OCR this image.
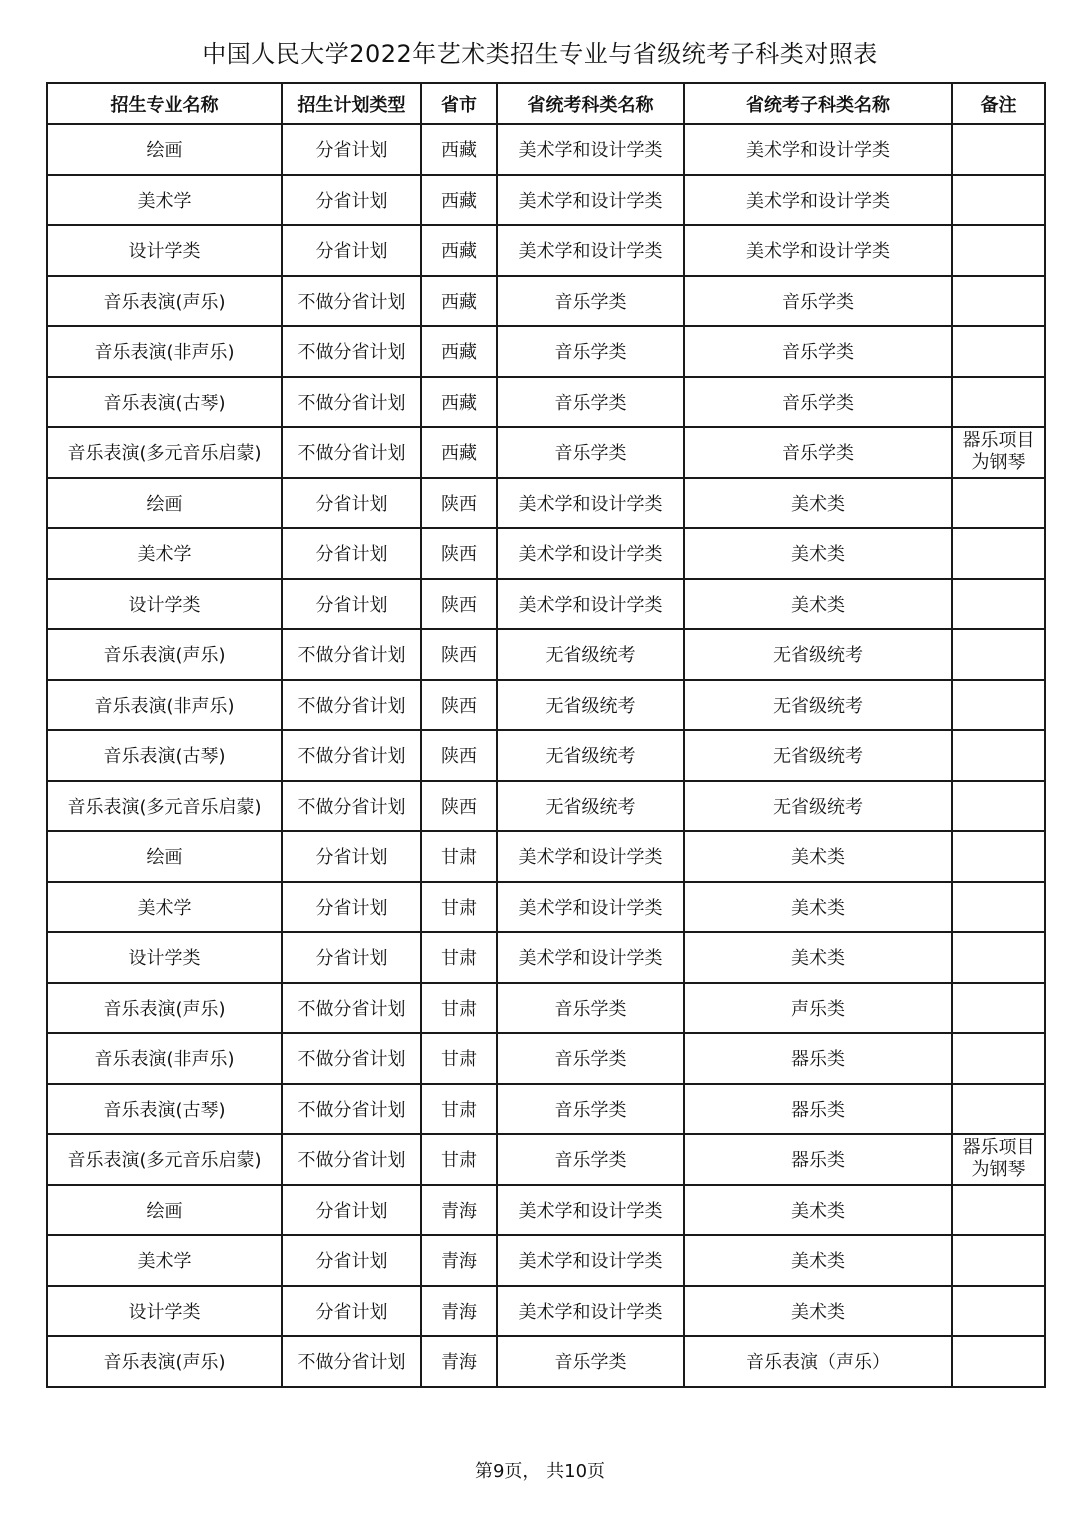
中国人民大学2022年艺术类招生专业与省级统考子科类对照表
招生专业名称	招生计划类型	省市	省统考科类名称	省统考子科类名称	备注
绘画	分省计划	西藏	美术学和设计学类	美术学和设计学类	
美术学	分省计划	西藏	美术学和设计学类	美术学和设计学类	
设计学类	分省计划	西藏	美术学和设计学类	美术学和设计学类	
音乐表演(声乐)	不做分省计划	西藏	音乐学类	音乐学类	
音乐表演(非声乐)	不做分省计划	西藏	音乐学类	音乐学类	
音乐表演(古琴)	不做分省计划	西藏	音乐学类	音乐学类	
音乐表演(多元音乐启蒙)	不做分省计划	西藏	音乐学类	音乐学类	器乐项目为钢琴
绘画	分省计划	陕西	美术学和设计学类	美术类	
美术学	分省计划	陕西	美术学和设计学类	美术类	
设计学类	分省计划	陕西	美术学和设计学类	美术类	
音乐表演(声乐)	不做分省计划	陕西	无省级统考	无省级统考	
音乐表演(非声乐)	不做分省计划	陕西	无省级统考	无省级统考	
音乐表演(古琴)	不做分省计划	陕西	无省级统考	无省级统考	
音乐表演(多元音乐启蒙)	不做分省计划	陕西	无省级统考	无省级统考	
绘画	分省计划	甘肃	美术学和设计学类	美术类	
美术学	分省计划	甘肃	美术学和设计学类	美术类	
设计学类	分省计划	甘肃	美术学和设计学类	美术类	
音乐表演(声乐)	不做分省计划	甘肃	音乐学类	声乐类	
音乐表演(非声乐)	不做分省计划	甘肃	音乐学类	器乐类	
音乐表演(古琴)	不做分省计划	甘肃	音乐学类	器乐类	
音乐表演(多元音乐启蒙)	不做分省计划	甘肃	音乐学类	器乐类	器乐项目为钢琴
绘画	分省计划	青海	美术学和设计学类	美术类	
美术学	分省计划	青海	美术学和设计学类	美术类	
设计学类	分省计划	青海	美术学和设计学类	美术类	
音乐表演(声乐)	不做分省计划	青海	音乐学类	音乐表演（声乐）	
第9页， 共10页
